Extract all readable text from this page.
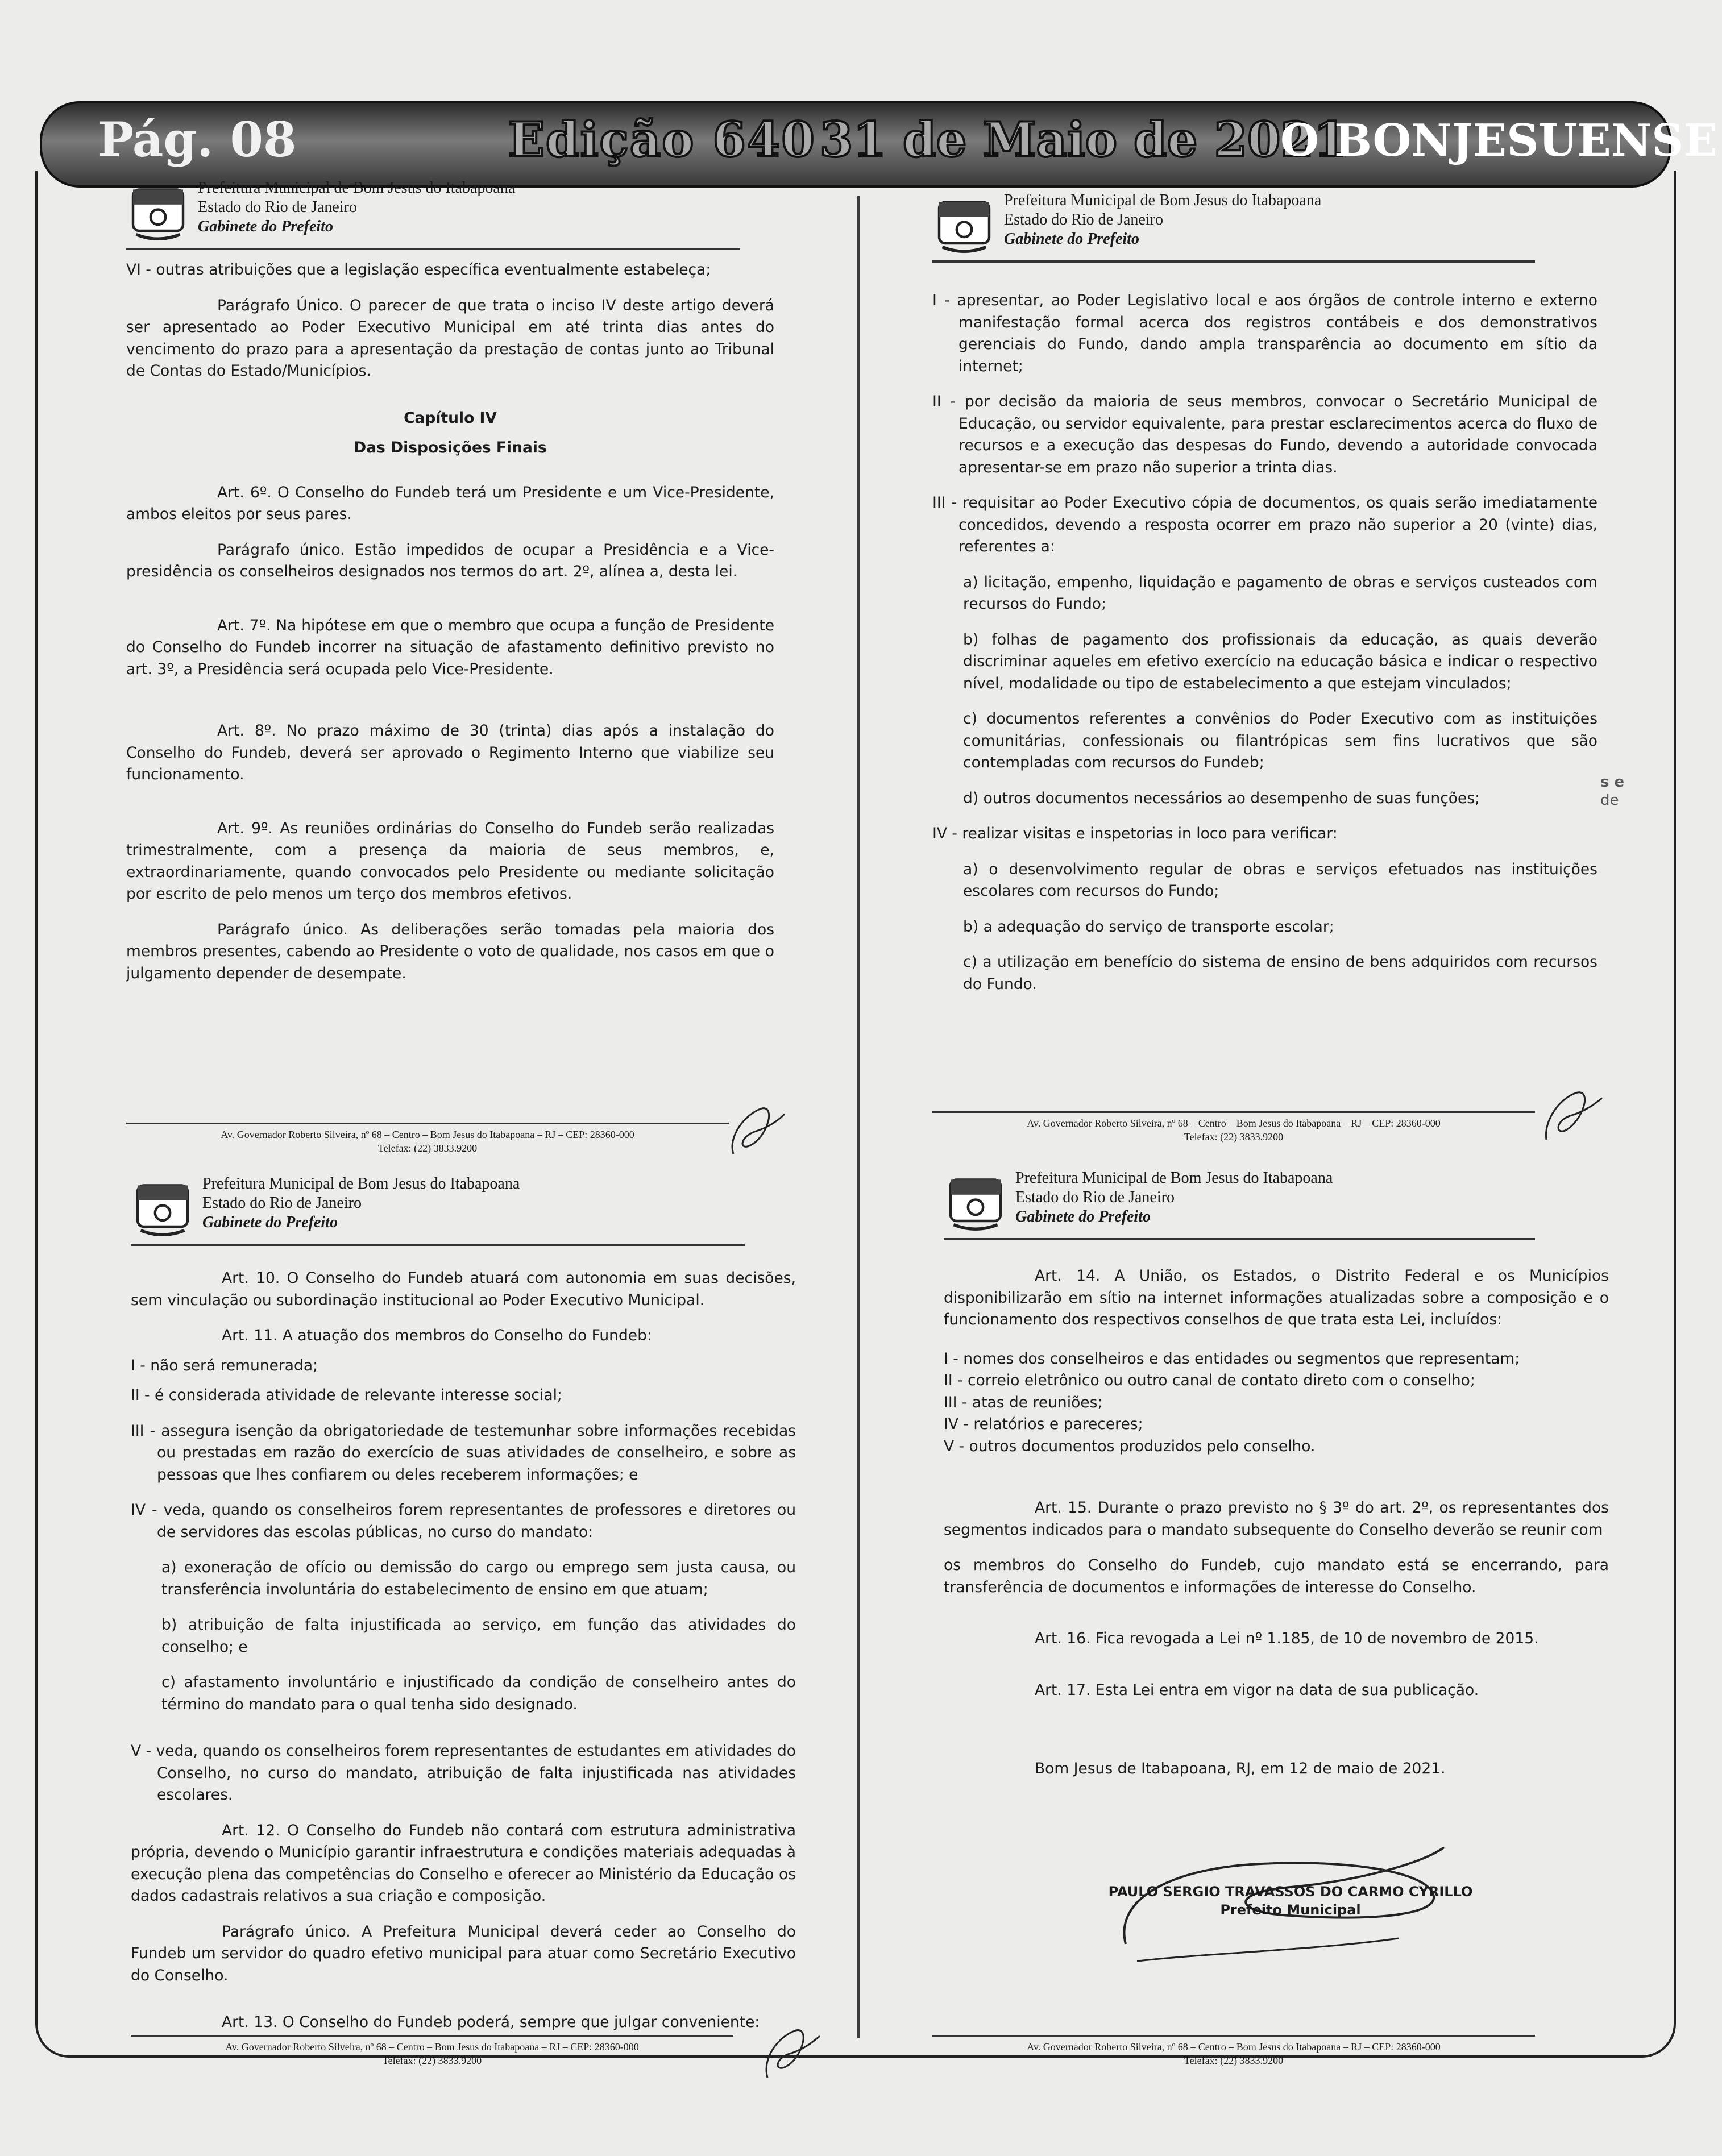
Pág. 08	Edição 640 31 de Maio de 2021
O BONJESUENSE
Prefeitura Municipal de Bom Jesus do Itabapoana
Estado do Rio de Janeiro
Gabinete do Prefeito

VI - outras atribuições que a legislação específica eventualmente estabeleça;

Parágrafo Único. O parecer de que trata o inciso IV deste artigo deverá ser apresentado ao Poder Executivo Municipal em até trinta dias antes do vencimento do prazo para a apresentação da prestação de contas junto ao Tribunal de Contas do Estado/Municípios.

Capítulo IV

Das Disposições Finais

Art. 6º. O Conselho do Fundeb terá um Presidente e um Vice-Presidente, ambos eleitos por seus pares.

Parágrafo único. Estão impedidos de ocupar a Presidência e a Vice-presidência os conselheiros designados nos termos do art. 2º, alínea a, desta lei.

Art. 7º. Na hipótese em que o membro que ocupa a função de Presidente do Conselho do Fundeb incorrer na situação de afastamento definitivo previsto no art. 3º, a Presidência será ocupada pelo Vice-Presidente.

Art. 8º. No prazo máximo de 30 (trinta) dias após a instalação do Conselho do Fundeb, deverá ser aprovado o Regimento Interno que viabilize seu funcionamento.

Art. 9º. As reuniões ordinárias do Conselho do Fundeb serão realizadas trimestralmente, com a presença da maioria de seus membros, e, extraordinariamente, quando convocados pelo Presidente ou mediante solicitação por escrito de pelo menos um terço dos membros efetivos.

Parágrafo único. As deliberações serão tomadas pela maioria dos membros presentes, cabendo ao Presidente o voto de qualidade, nos casos em que o julgamento depender de desempate.

Av. Governador Roberto Silveira, nº 68 – Centro – Bom Jesus do Itabapoana – RJ – CEP: 28360-000
Telefax: (22) 3833.9200
Prefeitura Municipal de Bom Jesus do Itabapoana
Estado do Rio de Janeiro
Gabinete do Prefeito

I - apresentar, ao Poder Legislativo local e aos órgãos de controle interno e externo manifestação formal acerca dos registros contábeis e dos demonstrativos gerenciais do Fundo, dando ampla transparência ao documento em sítio da internet;

II - por decisão da maioria de seus membros, convocar o Secretário Municipal de Educação, ou servidor equivalente, para prestar esclarecimentos acerca do fluxo de recursos e a execução das despesas do Fundo, devendo a autoridade convocada apresentar-se em prazo não superior a trinta dias.

III - requisitar ao Poder Executivo cópia de documentos, os quais serão imediatamente concedidos, devendo a resposta ocorrer em prazo não superior a 20 (vinte) dias, referentes a:

a) licitação, empenho, liquidação e pagamento de obras e serviços custeados com recursos do Fundo;

b) folhas de pagamento dos profissionais da educação, as quais deverão discriminar aqueles em efetivo exercício na educação básica e indicar o respectivo nível, modalidade ou tipo de estabelecimento a que estejam vinculados;

c) documentos referentes a convênios do Poder Executivo com as instituições comunitárias, confessionais ou filantrópicas sem fins lucrativos que são contempladas com recursos do Fundeb;

d) outros documentos necessários ao desempenho de suas funções;

IV - realizar visitas e inspetorias in loco para verificar:

a) o desenvolvimento regular de obras e serviços efetuados nas instituições escolares com recursos do Fundo;

b) a adequação do serviço de transporte escolar;

c) a utilização em benefício do sistema de ensino de bens adquiridos com recursos do Fundo.

s e
de
Av. Governador Roberto Silveira, nº 68 – Centro – Bom Jesus do Itabapoana – RJ – CEP: 28360-000
Telefax: (22) 3833.9200
Prefeitura Municipal de Bom Jesus do Itabapoana
Estado do Rio de Janeiro
Gabinete do Prefeito

Art. 10. O Conselho do Fundeb atuará com autonomia em suas decisões, sem vinculação ou subordinação institucional ao Poder Executivo Municipal.

Art. 11. A atuação dos membros do Conselho do Fundeb:

I - não será remunerada;

II - é considerada atividade de relevante interesse social;

III - assegura isenção da obrigatoriedade de testemunhar sobre informações recebidas ou prestadas em razão do exercício de suas atividades de conselheiro, e sobre as pessoas que lhes confiarem ou deles receberem informações; e

IV - veda, quando os conselheiros forem representantes de professores e diretores ou de servidores das escolas públicas, no curso do mandato:

a) exoneração de ofício ou demissão do cargo ou emprego sem justa causa, ou transferência involuntária do estabelecimento de ensino em que atuam;

b) atribuição de falta injustificada ao serviço, em função das atividades do conselho; e

c) afastamento involuntário e injustificado da condição de conselheiro antes do término do mandato para o qual tenha sido designado.

V - veda, quando os conselheiros forem representantes de estudantes em atividades do Conselho, no curso do mandato, atribuição de falta injustificada nas atividades escolares.

Art. 12. O Conselho do Fundeb não contará com estrutura administrativa própria, devendo o Município garantir infraestrutura e condições materiais adequadas à execução plena das competências do Conselho e oferecer ao Ministério da Educação os dados cadastrais relativos a sua criação e composição.

Parágrafo único. A Prefeitura Municipal deverá ceder ao Conselho do Fundeb um servidor do quadro efetivo municipal para atuar como Secretário Executivo do Conselho.

Art. 13. O Conselho do Fundeb poderá, sempre que julgar conveniente:

Av. Governador Roberto Silveira, nº 68 – Centro – Bom Jesus do Itabapoana – RJ – CEP: 28360-000
Telefax: (22) 3833.9200
Prefeitura Municipal de Bom Jesus do Itabapoana
Estado do Rio de Janeiro
Gabinete do Prefeito

Art. 14. A União, os Estados, o Distrito Federal e os Municípios disponibilizarão em sítio na internet informações atualizadas sobre a composição e o funcionamento dos respectivos conselhos de que trata esta Lei, incluídos:

I - nomes dos conselheiros e das entidades ou segmentos que representam;

II - correio eletrônico ou outro canal de contato direto com o conselho;

III - atas de reuniões;

IV - relatórios e pareceres;

V - outros documentos produzidos pelo conselho.

Art. 15. Durante o prazo previsto no § 3º do art. 2º, os representantes dos segmentos indicados para o mandato subsequente do Conselho deverão se reunir com

os membros do Conselho do Fundeb, cujo mandato está se encerrando, para transferência de documentos e informações de interesse do Conselho.

Art. 16. Fica revogada a Lei nº 1.185, de 10 de novembro de 2015.

Art. 17. Esta Lei entra em vigor na data de sua publicação.

Bom Jesus de Itabapoana, RJ, em 12 de maio de 2021.

PAULO SERGIO TRAVASSOS DO CARMO CYRILLO
Prefeito Municipal
Av. Governador Roberto Silveira, nº 68 – Centro – Bom Jesus do Itabapoana – RJ – CEP: 28360-000
Telefax: (22) 3833.9200
